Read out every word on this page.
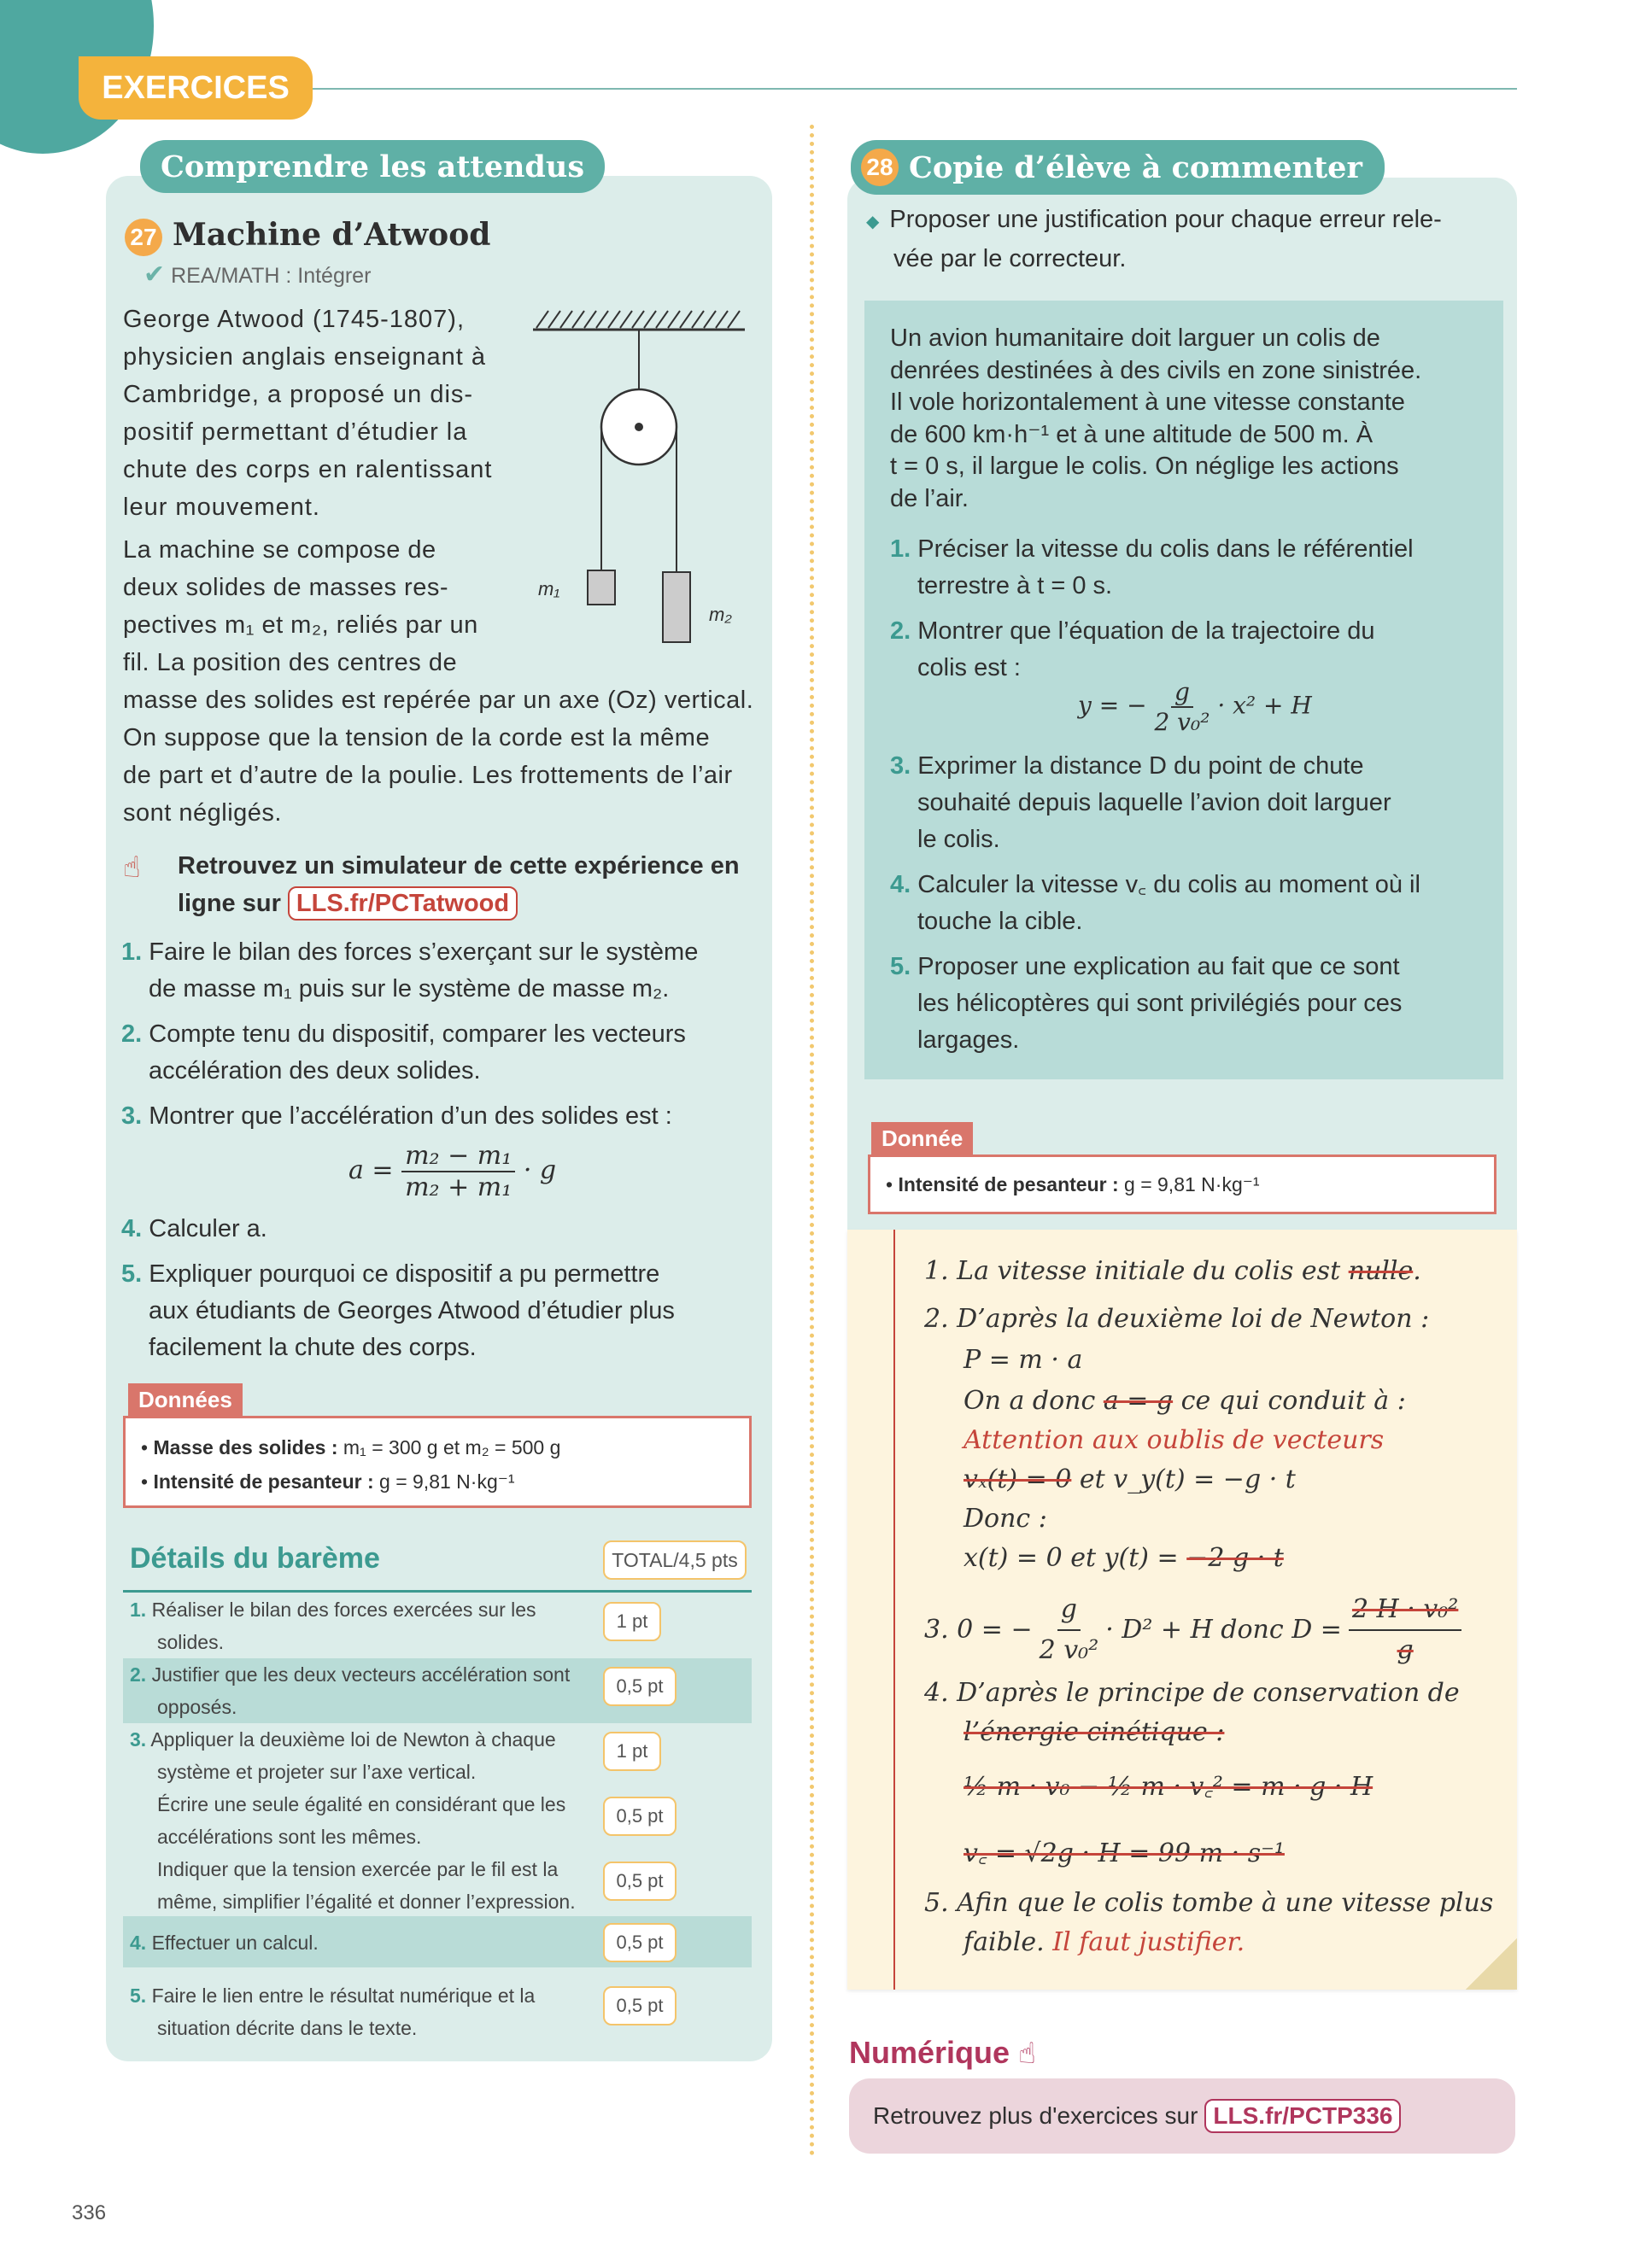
EXERCICES
Comprendre les attendus
27 Machine d’Atwood
✔ REA/MATH : Intégrer
George Atwood (1745-1807),
physicien anglais enseignant à
Cambridge, a proposé un dis-
positif permettant d’étudier la
chute des corps en ralentissant
leur mouvement.
La machine se compose de
deux solides de masses res-
pectives m₁ et m₂, reliés par un
fil. La position des centres de
masse des solides est repérée par un axe (Oz) vertical.
On suppose que la tension de la corde est la même
de part et d’autre de la poulie. Les frottements de l’air
sont négligés.
m₁
m₂
☝	Retrouvez un simulateur de cette expérience en
ligne sur LLS.fr/PCTatwood
1. Faire le bilan des forces s’exerçant sur le système
de masse m₁ puis sur le système de masse m₂.
2. Compte tenu du dispositif, comparer les vecteurs
accélération des deux solides.
3. Montrer que l’accélération d’un des solides est :
$a = \frac{\text{m₂ − m₁}}{\text{m₂ + m₁}} \cdot g$
4. Calculer a.
5. Expliquer pourquoi ce dispositif a pu permettre
aux étudiants de Georges Atwood d’étudier plus
facilement la chute des corps.
Données
• Masse des solides : m₁ = 300 g et m₂ = 500 g
• Intensité de pesanteur : g = 9,81 N·kg⁻¹
Détails du barème	TOTAL/4,5 pts
1. Réaliser le bilan des forces exercées sur les
solides.
1 pt
2. Justifier que les deux vecteurs accélération sont
opposés.
0,5 pt
3. Appliquer la deuxième loi de Newton à chaque
système et projeter sur l’axe vertical.
1 pt
Écrire une seule égalité en considérant que les
accélérations sont les mêmes.
0,5 pt
Indiquer que la tension exercée par le fil est la
même, simplifier l’égalité et donner l’expression.
0,5 pt
4. Effectuer un calcul.	0,5 pt
5. Faire le lien entre le résultat numérique et la
situation décrite dans le texte.
0,5 pt
28 Copie d’élève à commenter
◆ Proposer une justification pour chaque erreur rele-
vée par le correcteur.
Un avion humanitaire doit larguer un colis de
denrées destinées à des civils en zone sinistrée.
Il vole horizontalement à une vitesse constante
de 600 km·h⁻¹ et à une altitude de 500 m. À
t = 0 s, il largue le colis. On néglige les actions
de l’air.
1. Préciser la vitesse du colis dans le référentiel
terrestre à t = 0 s.
2. Montrer que l’équation de la trajectoire du
colis est :
y = − $\frac{g}{\text{2 v₀²}} \cdot x^2 + H$
3. Exprimer la distance D du point de chute
souhaité depuis laquelle l’avion doit larguer
le colis.
4. Calculer la vitesse v꜀ du colis au moment où il
touche la cible.
5. Proposer une explication au fait que ce sont
les hélicoptères qui sont privilégiés pour ces
largages.
Donnée
• Intensité de pesanteur : g = 9,81 N·kg⁻¹
1. La vitesse initiale du colis est nulle.
2. D’après la deuxième loi de Newton :
P = m · a
On a donc a = g ce qui conduit à :
Attention aux oublis de vecteurs
vₓ(t) = 0 et v_y(t) = −g · t
Donc :
x(t) = 0 et y(t) = −2 g · t
3. 0 = − $\frac{g}{\text{2 v₀²}} \cdot D^2 + H$ donc $D = \frac{\text{2 H · v₀²}}{g}$
4. D’après le principe de conservation de
l’énergie cinétique :
½ m · v₀ − ½ m · v꜀² = m · g · H
v꜀ = √2g · H = 99 m · s⁻¹
5. Afin que le colis tombe à une vitesse plus
faible. Il faut justifier.
Numérique ☝
Retrouvez plus d'exercices sur LLS.fr/PCTP336
336
